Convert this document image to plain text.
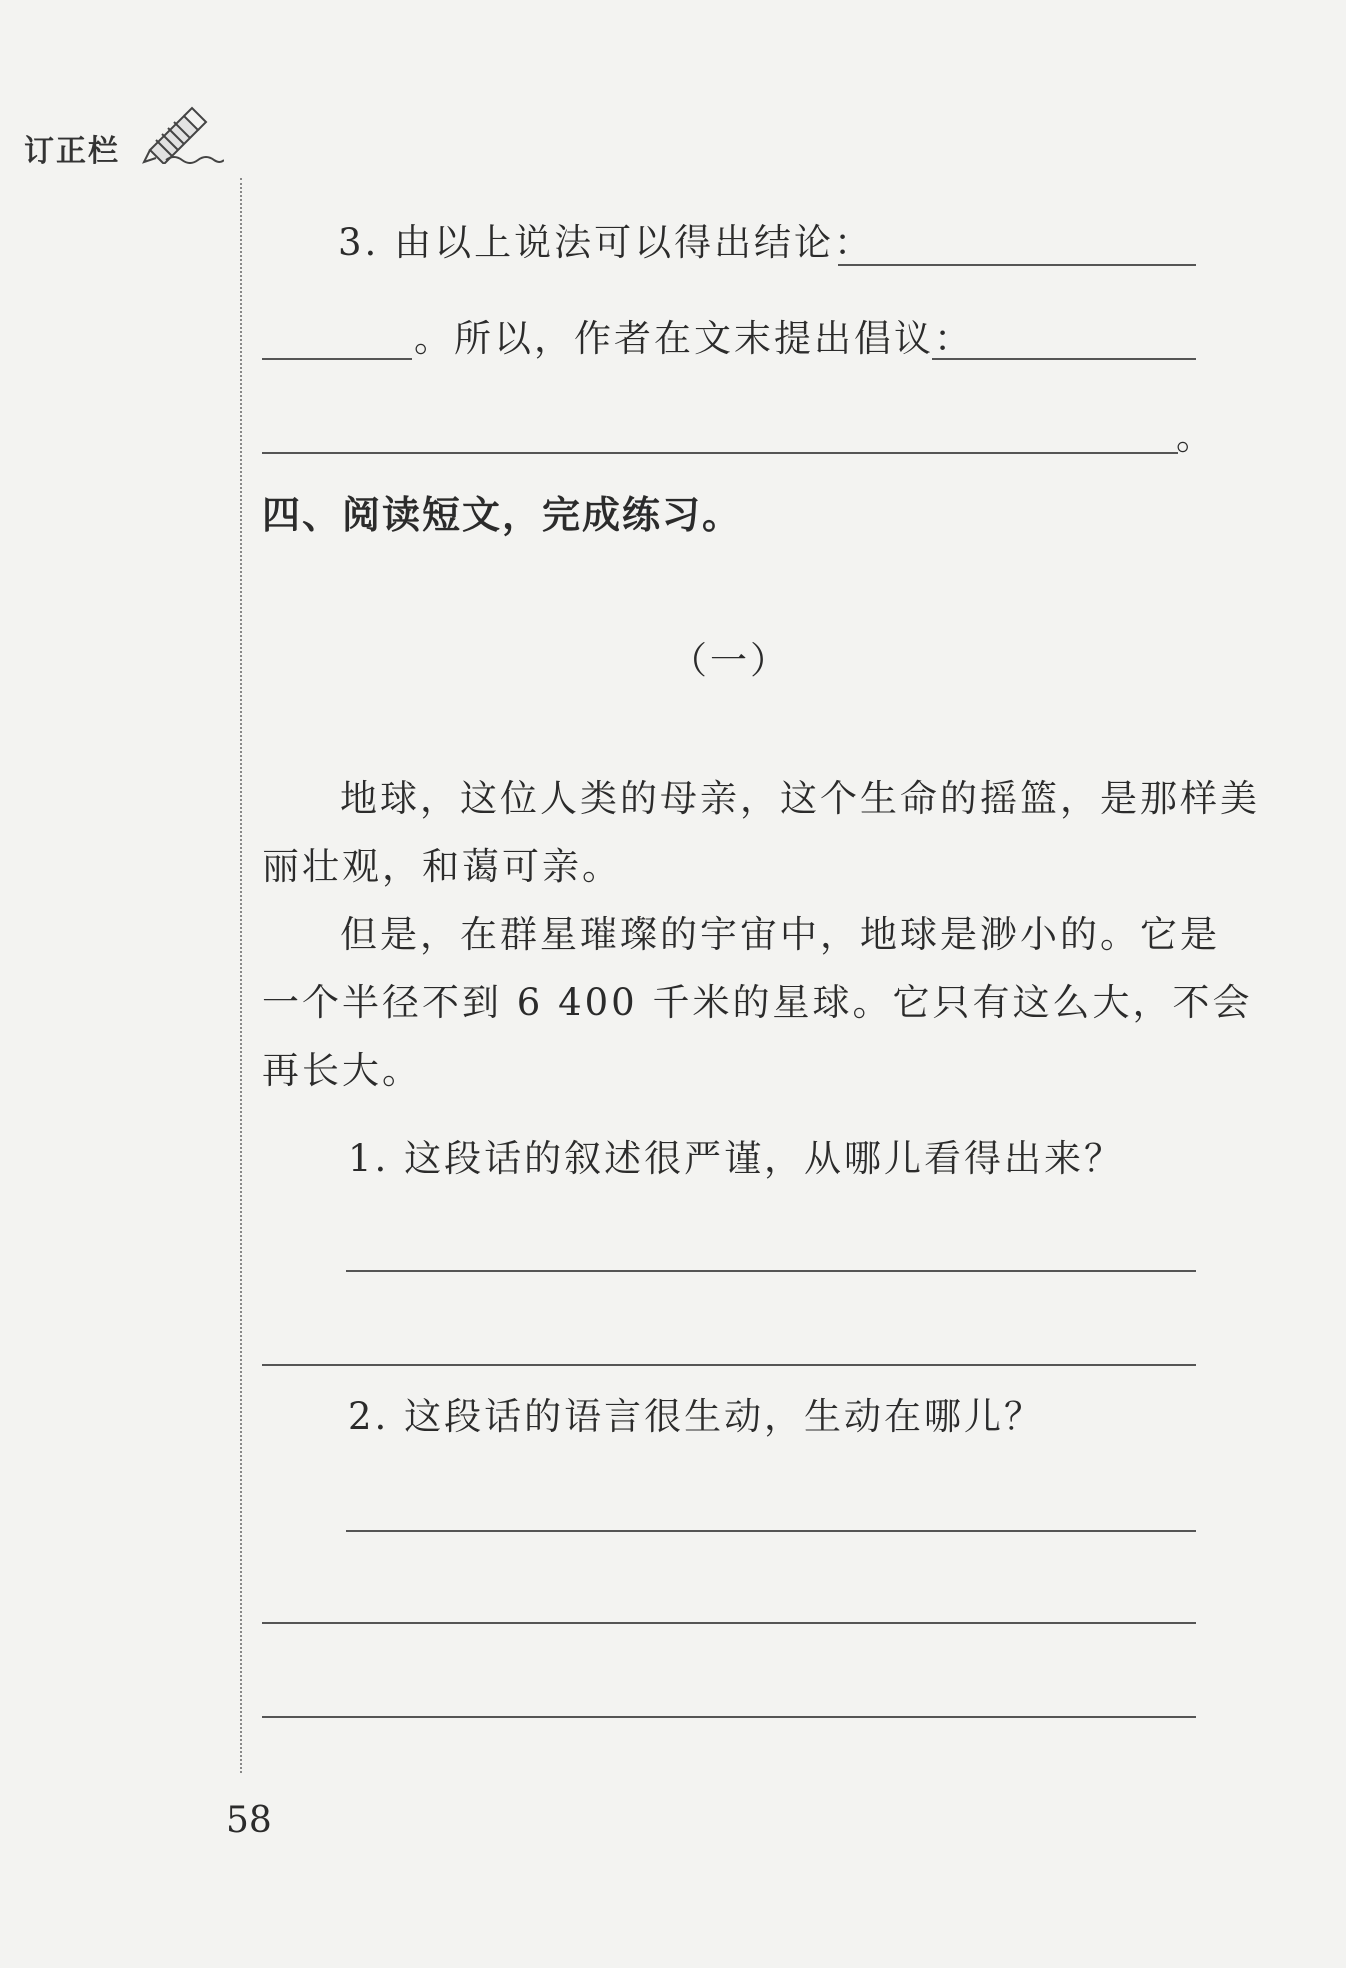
订正栏
3. 由以上说法可以得出结论：
。所以，作者在文末提出倡议：
。
四、阅读短文，完成练习。
（一）
地球，这位人类的母亲，这个生命的摇篮，是那样美
丽壮观，和蔼可亲。
但是，在群星璀璨的宇宙中，地球是渺小的。它是
一个半径不到 6 400 千米的星球。它只有这么大，不会
再长大。
1. 这段话的叙述很严谨，从哪儿看得出来？
2. 这段话的语言很生动，生动在哪儿？
58
